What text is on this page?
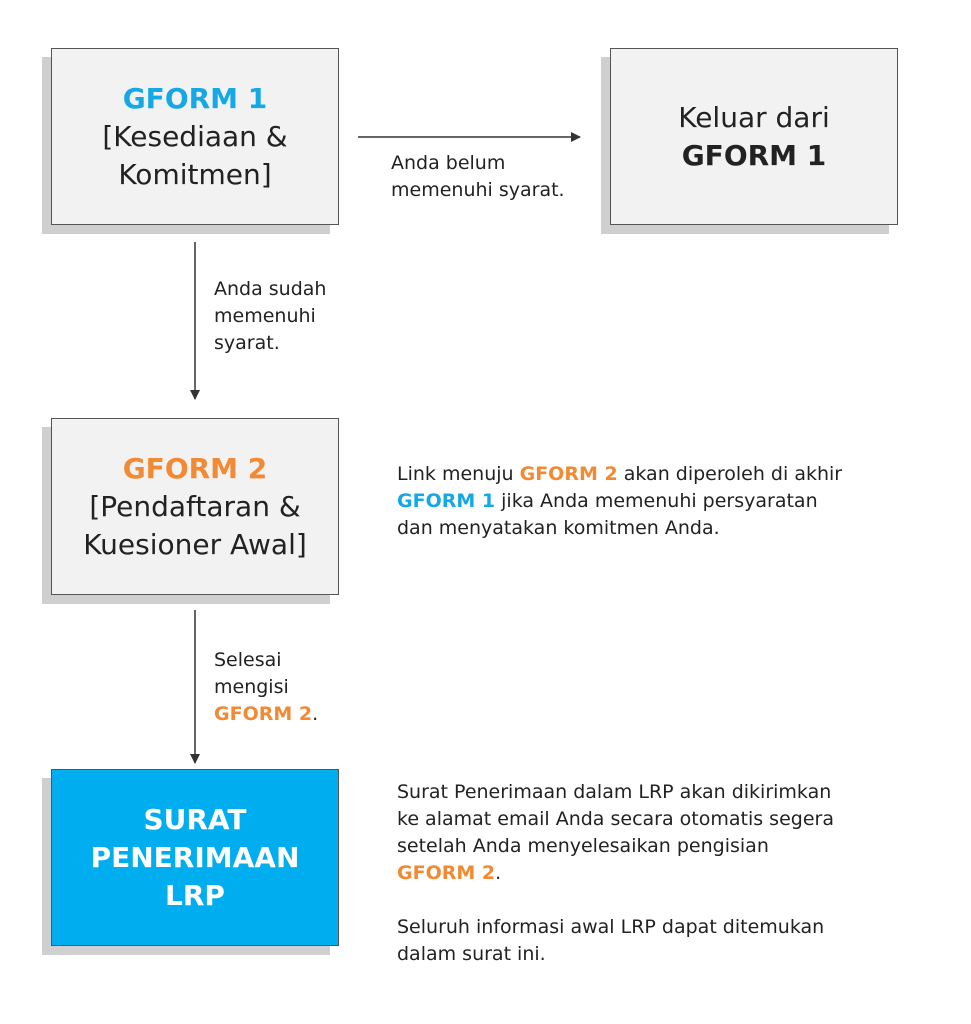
GFORM 1
[Kesediaan &
Komitmen]
Keluar dari
GFORM 1
GFORM 2
[Pendaftaran &
Kuesioner Awal]
SURAT
PENERIMAAN
LRP
Anda belum
memenuhi syarat.
Anda sudah
memenuhi
syarat.
Selesai
mengisi
GFORM 2.
Link menuju GFORM 2 akan diperoleh di akhir
GFORM 1 jika Anda memenuhi persyaratan
dan menyatakan komitmen Anda.
Surat Penerimaan dalam LRP akan dikirimkan
ke alamat email Anda secara otomatis segera
setelah Anda menyelesaikan pengisian
GFORM 2.
Seluruh informasi awal LRP dapat ditemukan
dalam surat ini.
